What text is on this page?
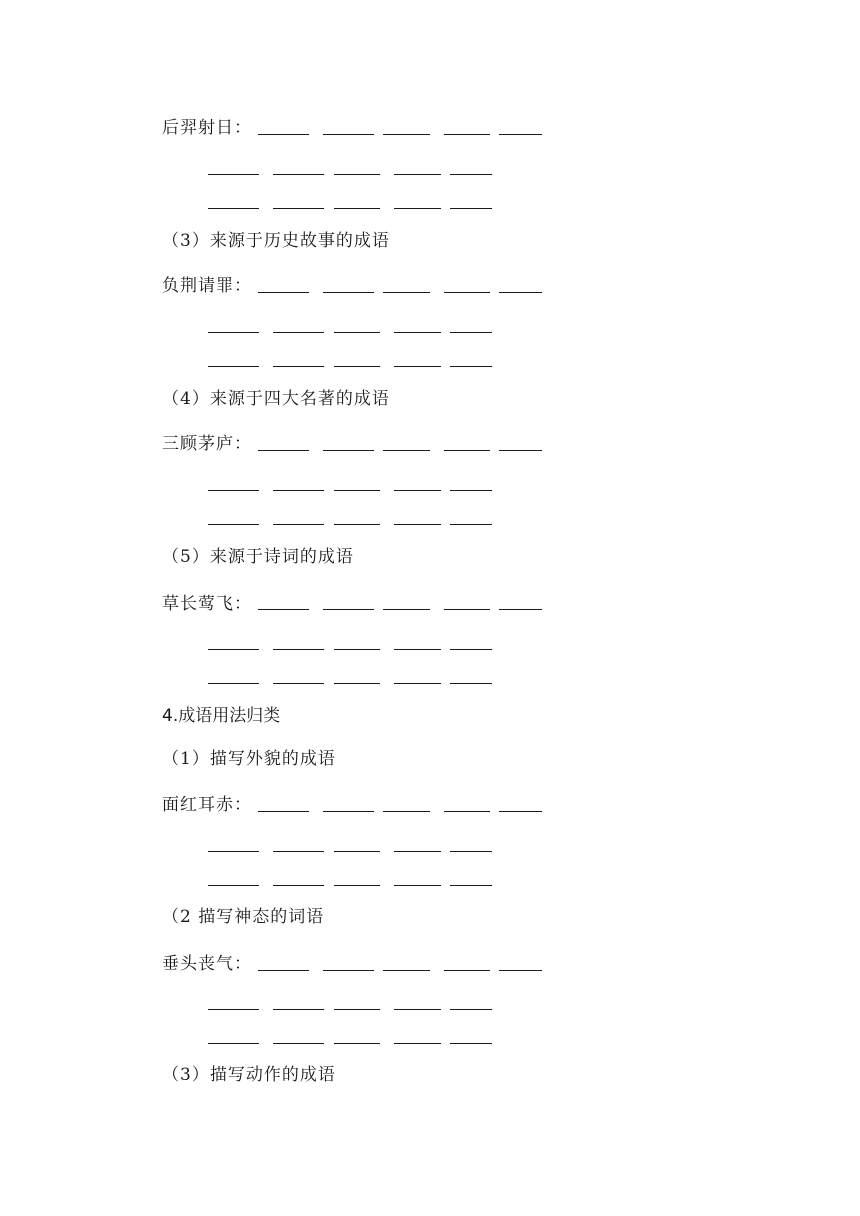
后羿射日：
（3）来源于历史故事的成语
负荆请罪：
（4）来源于四大名著的成语
三顾茅庐：
（5）来源于诗词的成语
草长莺飞：
4.成语用法归类
（1）描写外貌的成语
面红耳赤：
（2 描写神态的词语
垂头丧气：
（3）描写动作的成语
